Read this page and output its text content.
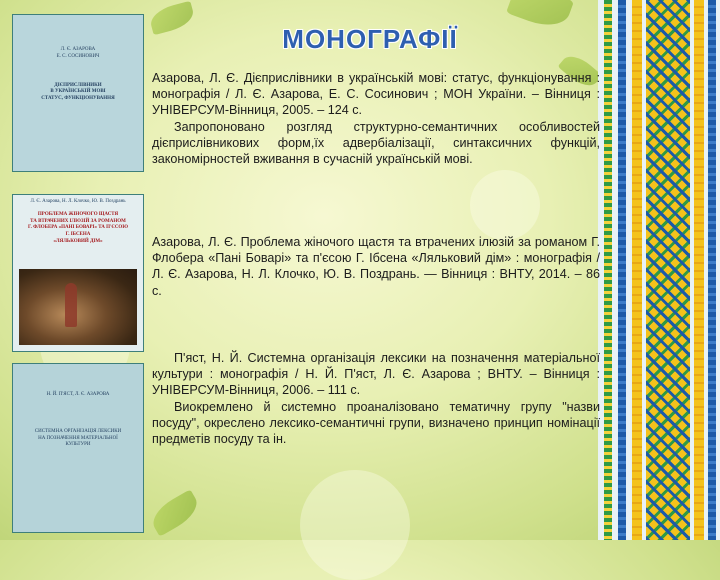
МОНОГРАФІЇ
Л. Є. АЗАРОВА
Е. С. СОСИНОВИЧ
ДІЄПРИСЛІВНИКИ
В УКРАЇНСЬКІЙ МОВІ
СТАТУС, ФУНКЦІОНУВАННЯ
Л. Є. Азарова, Н. Л. Клочко, Ю. В. Поздрань
ПРОБЛЕМА ЖІНОЧОГО ЩАСТЯ
ТА ВТРАЧЕНИХ ІЛЮЗІЙ ЗА РОМАНОМ
Г. ФЛОБЕРА «ПАНІ БОВАРІ» ТА П'ЄСОЮ
Г. ІБСЕНА
«ЛЯЛЬКОВИЙ ДІМ»
Н. Й. П'ЯСТ, Л. Є. АЗАРОВА
СИСТЕМНА ОРГАНІЗАЦІЯ ЛЕКСИКИ
НА ПОЗНАЧЕННЯ МАТЕРІАЛЬНОЇ
КУЛЬТУРИ

Азарова, Л. Є. Дієприслівники в українській мові: статус, функціонування : монографія / Л. Є. Азарова, Е. С. Сосинович ; МОН України. – Вінниця : УНІВЕРСУМ-Вінниця, 2005. – 124 с.

Запропоновано розгляд структурно-семантичних особливостей дієприслівникових форм,їх адвербіалізації, синтаксичних функцій, закономірностей вживання в сучасній українській мові.

Азарова, Л. Є. Проблема жіночого щастя та втрачених ілюзій за романом Г. Флобера «Пані Боварі» та п'єсою Г. Ібсена «Ляльковий дім» : монографія / Л. Є. Азарова, Н. Л. Клочко, Ю. В. Поздрань. — Вінниця : ВНТУ, 2014. – 86 с.

П'яст, Н. Й. Системна організація лексики на позначення матеріальної культури : монографія / Н. Й. П'яст, Л. Є. Азарова ; ВНТУ. – Вінниця : УНІВЕРСУМ-Вінниця, 2006. – 111 с.

Виокремлено й системно проаналізовано тематичну групу "назви посуду", окреслено лексико-семантичні групи, визначено принцип номінації предметів посуду та ін.
